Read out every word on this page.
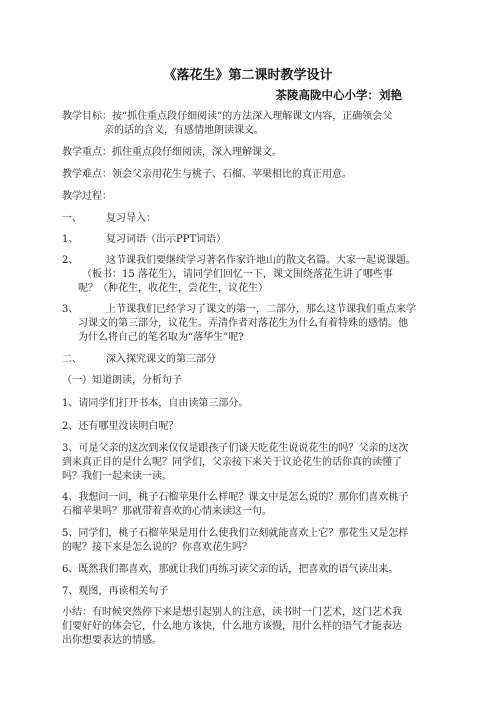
《落花生》第二课时教学设计
茶陵高陇中心小学：刘艳
教学目标：按“抓住重点段仔细阅读”的方法深入理解课文内容，正确领会父
亲的话的含义，有感情地朗读课文。
教学重点：抓住重点段仔细阅读，深入理解课文。
教学难点：领会父亲用花生与桃子、石榴、苹果相比的真正用意。
教学过程：
一、 复习导入：
1、	复习词语（出示PPT词语）
2、	这节课我们要继续学习著名作家许地山的散文名篇。大家一起说课题。
（板书：15 落花生），请同学们回忆一下，课文围绕落花生讲了哪些事
呢？（种花生，收花生，尝花生，议花生）
3、	上节课我们已经学习了课文的第一，二部分，那么这节课我们重点来学
习课文的第三部分，议花生。弄清作者对落花生为什么有着特殊的感情。他
为什么将自己的笔名取为“落华生”呢?
二、 深入探究课文的第三部分
（一）知道朗读，分析句子
1、请同学们打开书本，自由读第三部分。
2、还有哪里没读明白呢？
3、可是父亲的这次到来仅仅是跟孩子们谈天吃花生说说花生的吗？父亲的这次
到来真正目的是什么呢？同学们，父亲接下来关于议论花生的话你真的读懂了
吗？我们一起来读一读。
4、我想问一问，桃子石榴苹果什么样呢？课文中是怎么说的？那你们喜欢桃子
石榴苹果吗？那就带着喜欢的心情来读这一句。
5、同学们，桃子石榴苹果是用什么使我们立刻就能喜欢上它？那花生又是怎样
的呢？接下来是怎么说的？你喜欢花生吗？
6、既然我们都喜欢，那就让我们再练习读父亲的话，把喜欢的语气读出来。
7、观图，再读相关句子
小结：有时候突然停下来是想引起别人的注意，读书时一门艺术，这门艺术我
们要好好的体会它，什么地方该快，什么地方该慢，用什么样的语气才能表达
出你想要表达的情感。
